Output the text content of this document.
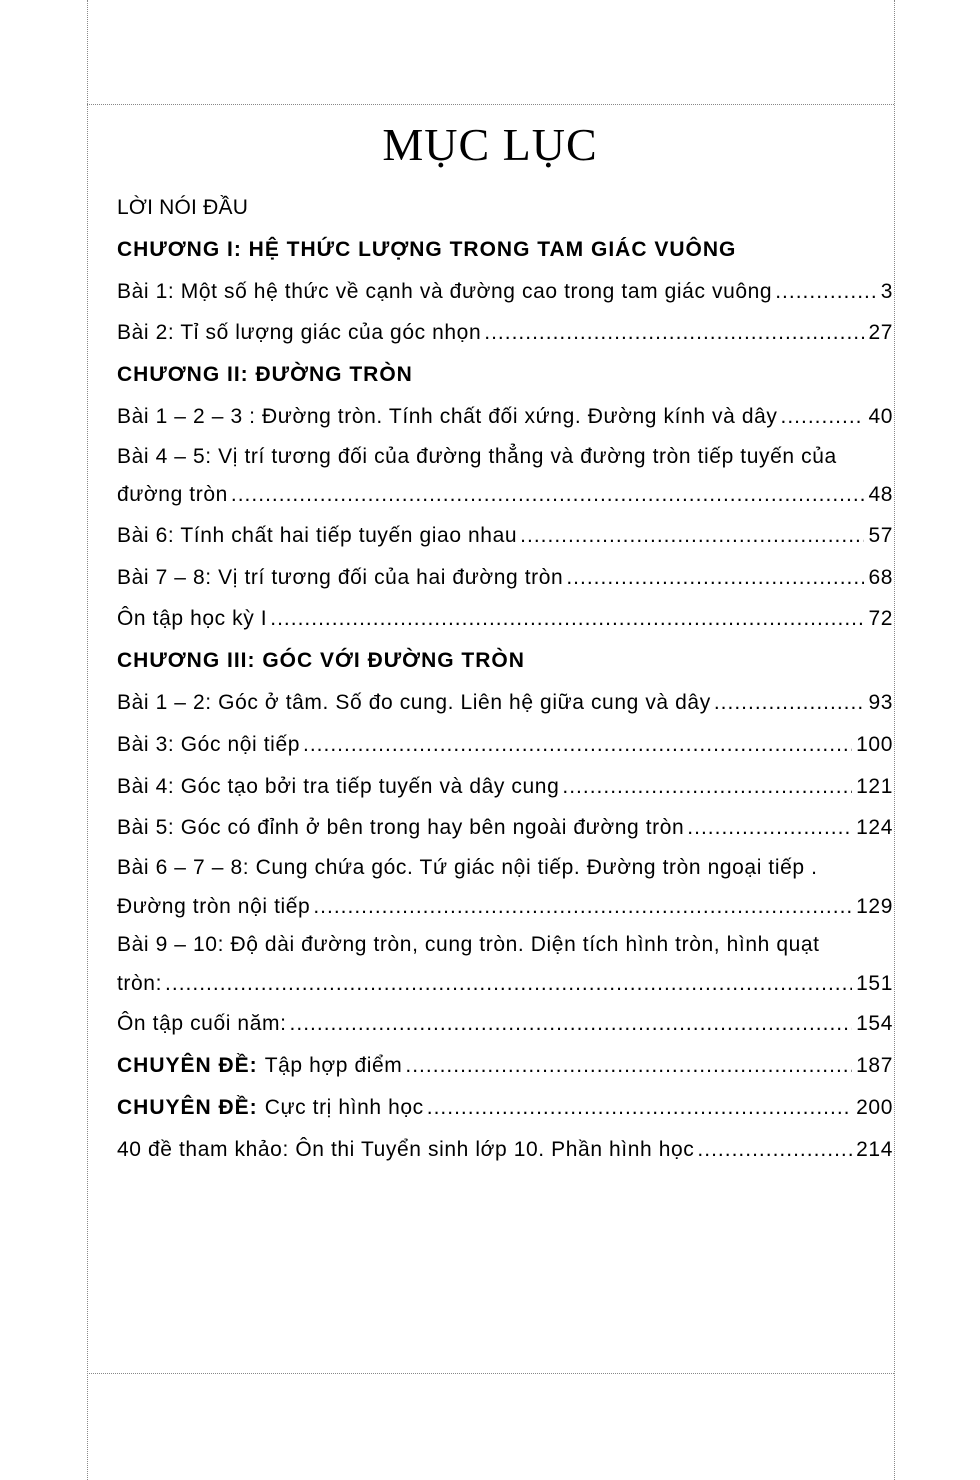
MỤC LỤC
LỜI NÓI ĐẦU
CHƯƠNG I: HỆ THỨC LƯỢNG TRONG TAM GIÁC VUÔNG
Bài 1: Một số hệ thức về cạnh và đường cao trong tam giác vuông .....	3
Bài 2: Tỉ số lượng giác của góc nhọn .....	27
CHƯƠNG II: ĐƯỜNG TRÒN
Bài 1 – 2 – 3 : Đường tròn. Tính chất đối xứng. Đường kính và dây .....	40
Bài 4 – 5: Vị trí tương đối của đường thẳng và đường tròn tiếp tuyến của
đường tròn .....	48
Bài 6: Tính chất hai tiếp tuyến giao nhau .....	57
Bài 7 – 8: Vị trí tương đối của hai đường tròn .....	68
Ôn tập học kỳ I .....	72
CHƯƠNG III: GÓC VỚI ĐƯỜNG TRÒN
Bài 1 – 2: Góc ở tâm. Số đo cung. Liên hệ giữa cung và dây .....	93
Bài 3: Góc nội tiếp .....	100
Bài 4: Góc tạo bởi tra tiếp tuyến và dây cung .....	121
Bài 5: Góc có đỉnh ở bên trong hay bên ngoài đường tròn .....	124
Bài 6 – 7 – 8: Cung chứa góc. Tứ giác nội tiếp. Đường tròn ngoại tiếp .
Đường tròn nội tiếp .....	129
Bài 9 – 10: Độ dài đường tròn, cung tròn. Diện tích hình tròn, hình quạt
tròn: .....	151
Ôn tập cuối năm: .....	154
CHUYÊN ĐỀ: Tập hợp điểm .....	187
CHUYÊN ĐỀ: Cực trị hình học .....	200
40 đề tham khảo: Ôn thi Tuyển sinh lớp 10. Phần hình học .....	214
